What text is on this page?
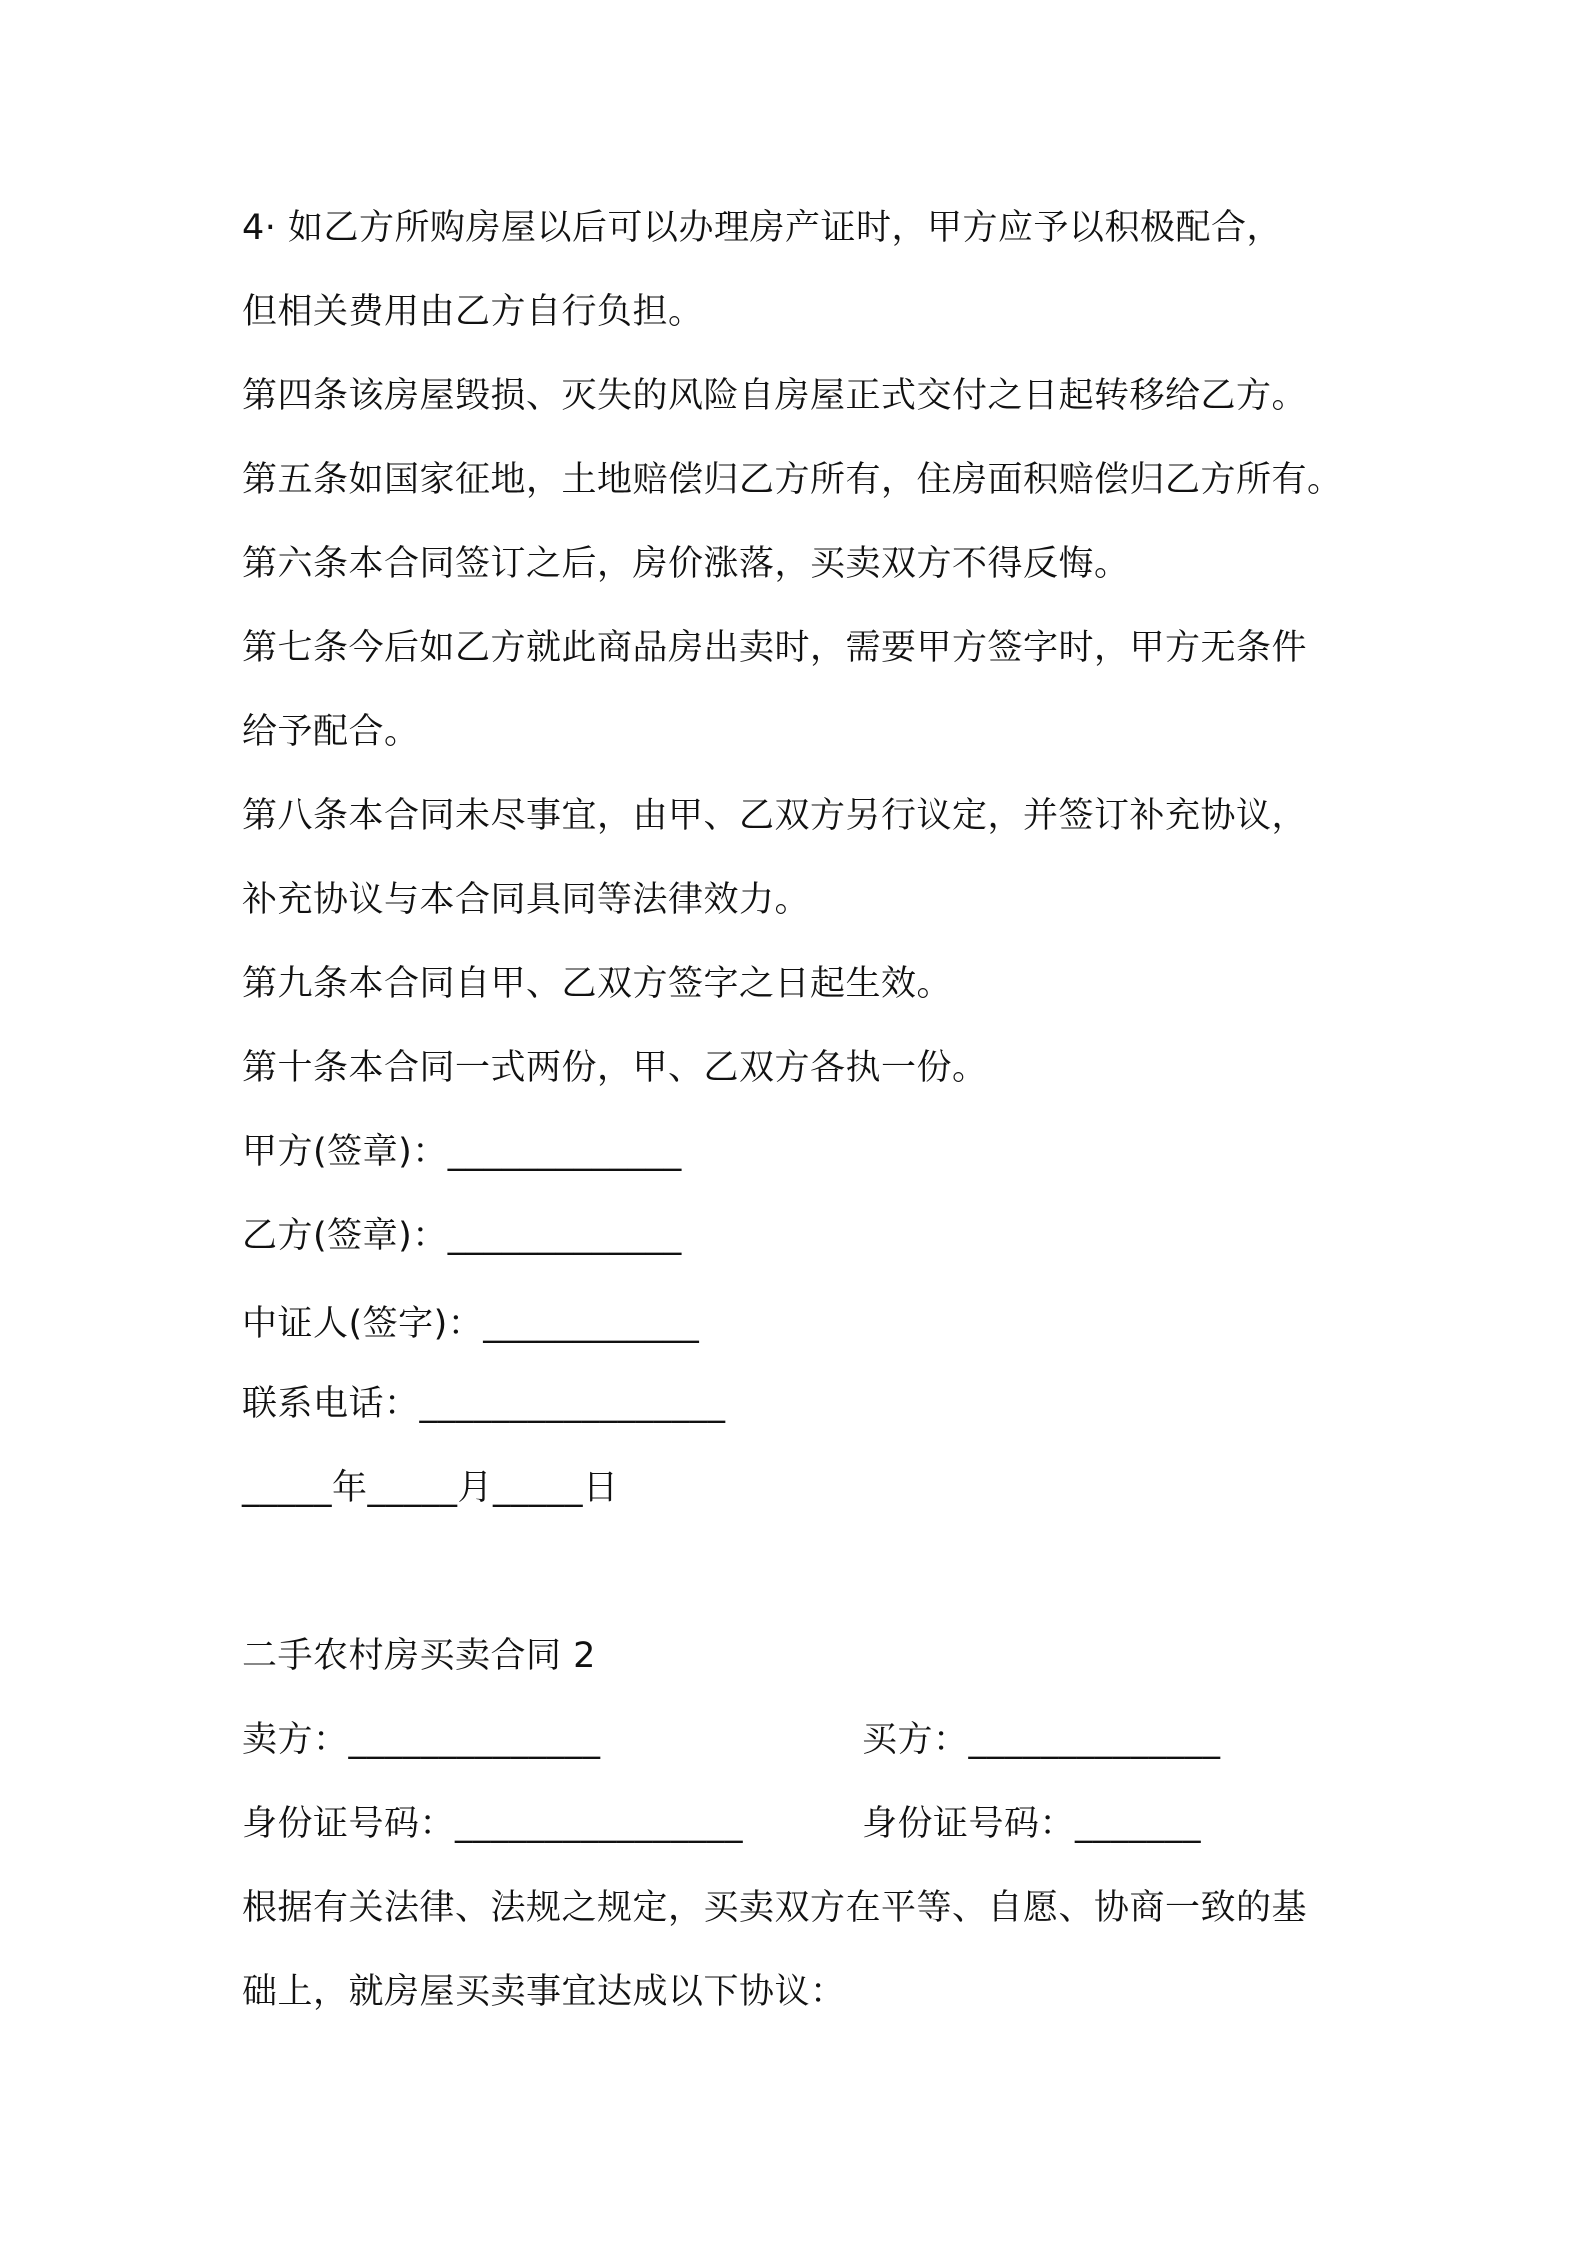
4· 如乙方所购房屋以后可以办理房产证时，甲方应予以积极配合，
但相关费用由乙方自行负担。
第四条该房屋毁损、灭失的风险自房屋正式交付之日起转移给乙方。
第五条如国家征地，土地赔偿归乙方所有，住房面积赔偿归乙方所有。
第六条本合同签订之后，房价涨落，买卖双方不得反悔。
第七条今后如乙方就此商品房出卖时，需要甲方签字时，甲方无条件
给予配合。
第八条本合同未尽事宜，由甲、乙双方另行议定，并签订补充协议，
补充协议与本合同具同等法律效力。
第九条本合同自甲、乙双方签字之日起生效。
第十条本合同一式两份，甲、乙双方各执一份。
甲方(签章)：_____________
乙方(签章)：_____________
中证人(签字)：____________
联系电话：_________________
_____年_____月_____日
二手农村房买卖合同 2
卖方：______________	买方：______________
身份证号码：________________	身份证号码：_______
根据有关法律、法规之规定，买卖双方在平等、自愿、协商一致的基
础上，就房屋买卖事宜达成以下协议：
